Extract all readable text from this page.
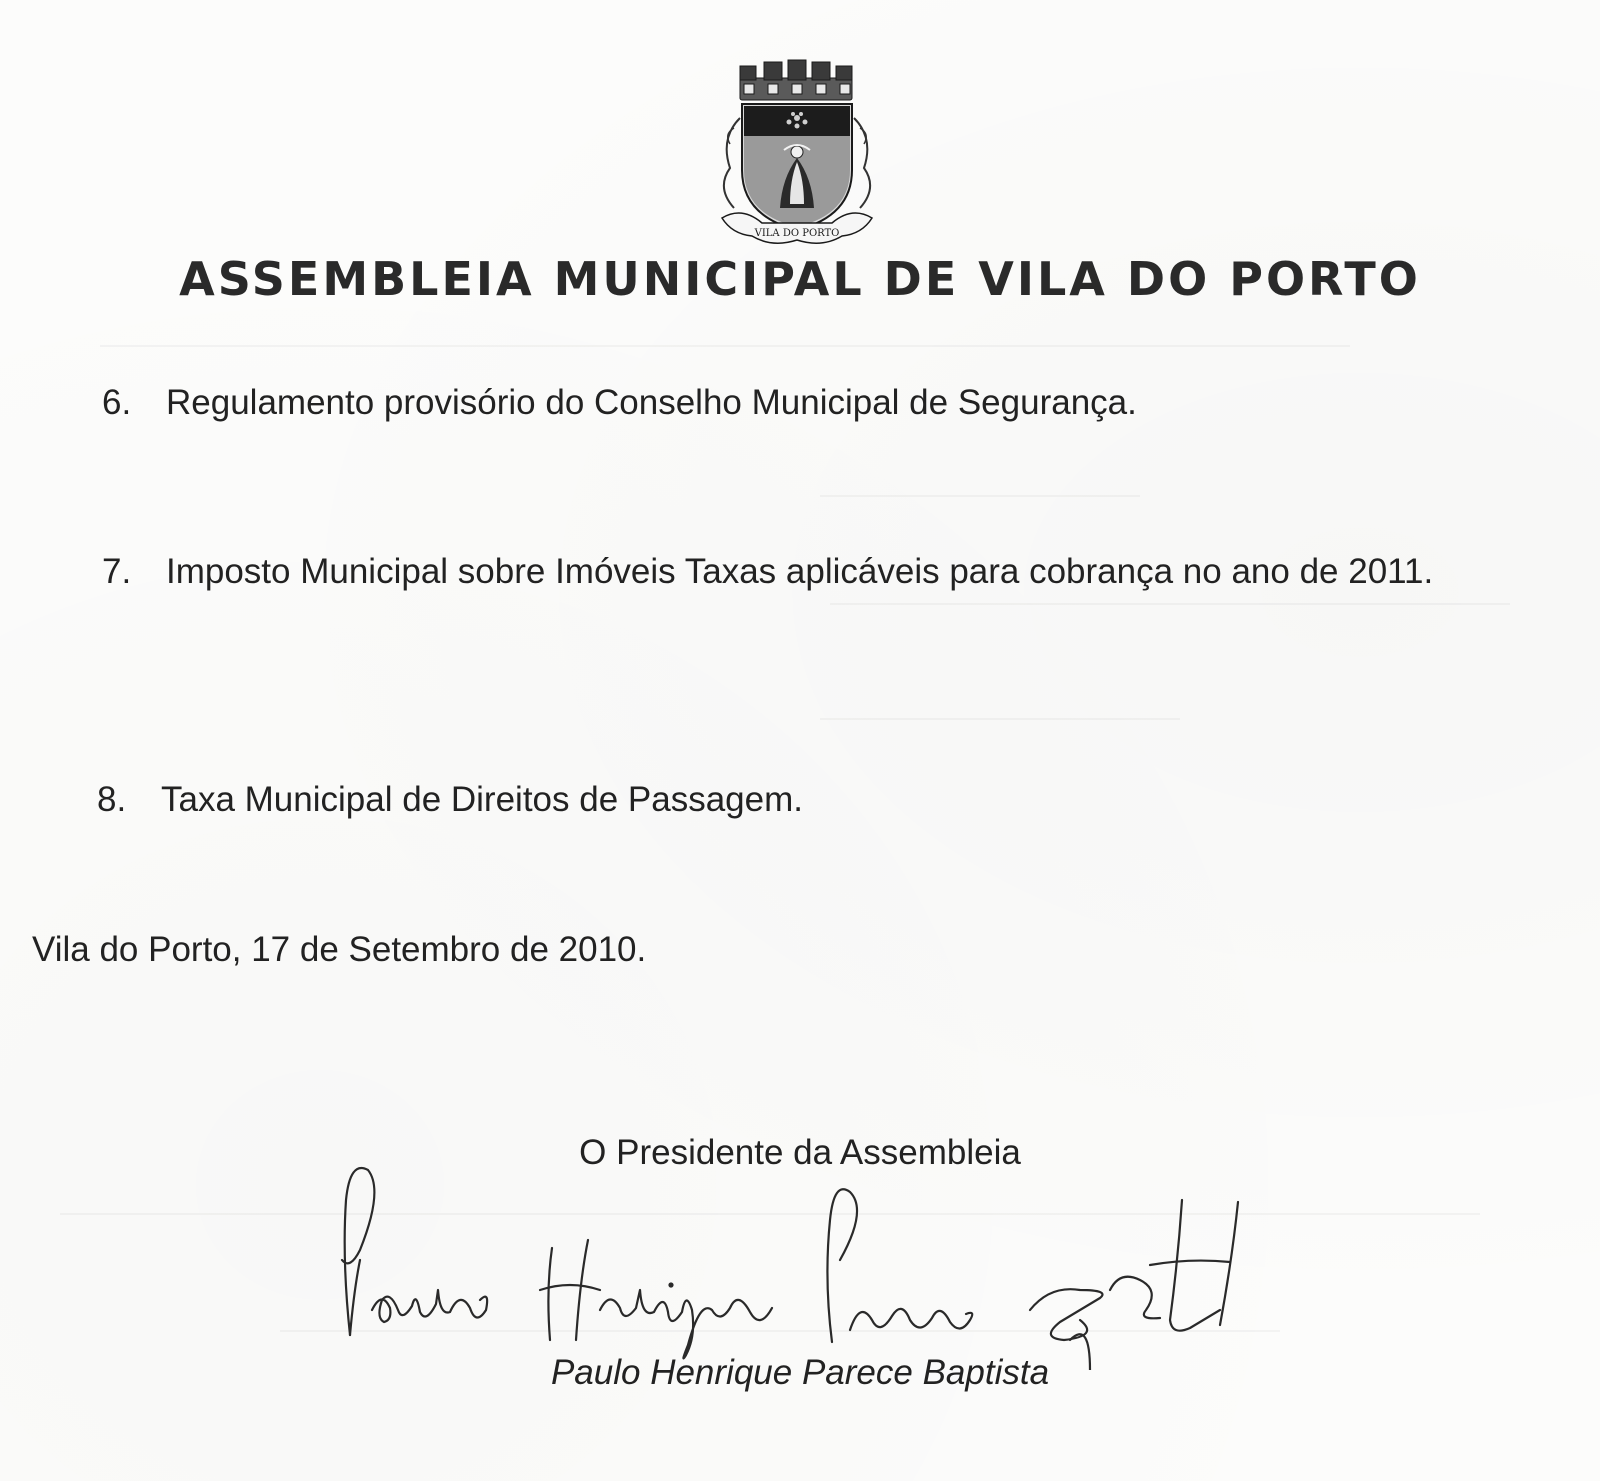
VILA DO PORTO
ASSEMBLEIA MUNICIPAL DE VILA DO PORTO
6. Regulamento provisório do Conselho Municipal de Segurança.
7. Imposto Municipal sobre Imóveis Taxas aplicáveis para cobrança no ano de 2011.
8. Taxa Municipal de Direitos de Passagem.
Vila do Porto, 17 de Setembro de 2010.
O Presidente da Assembleia
Paulo Henrique Parece Baptista
